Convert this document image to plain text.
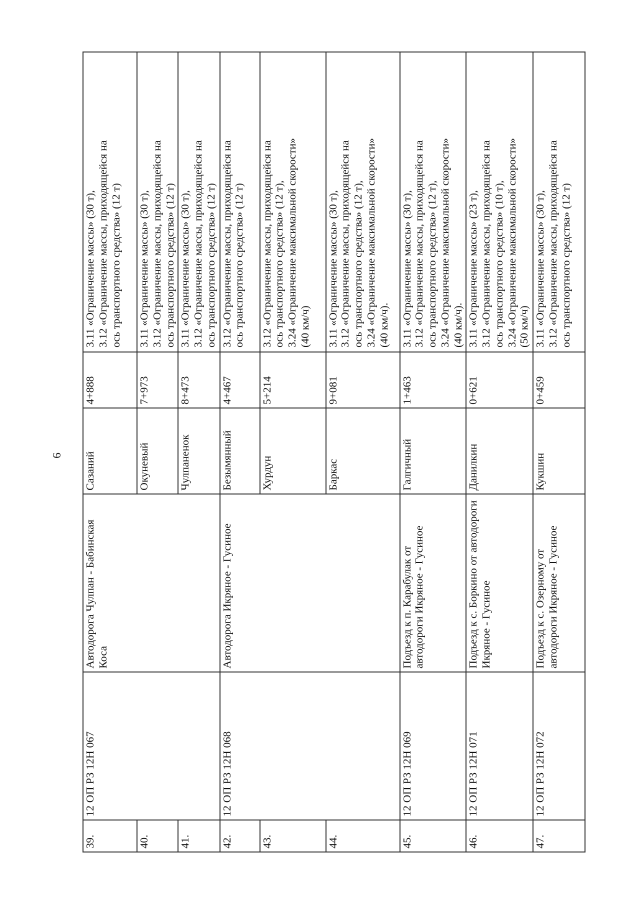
6
39.	12 ОП РЗ 12Н 067	Автодорога Чулпан - Бабинская Коса	Сазаний	4+888	3.11 «Ограничение массы» (30 т), 3.12 «Ограничение массы, приходящейся на ось транспортного средства» (12 т)

40.			Окуневый	7+973	3.11 «Ограничение массы» (30 т), 3.12 «Ограничение массы, приходящейся на ось транспортного средства» (12 т)

41.			Чулпаненок	8+473	3.11 «Ограничение массы» (30 т), 3.12 «Ограничение массы, приходящейся на ось транспортного средства» (12 т)

42.	12 ОП РЗ 12Н 068	Автодорога Икряное - Гусиное	Безымянный	4+467	3.12 «Ограничение массы, приходящейся на ось транспортного средства» (12 т)

43.			Хурдун	5+214	3.12 «Ограничение массы, приходящейся на ось транспортного средства» (12 т), 3.24 «Ограничение максимальной скорости» (40 км/ч)

44.			Баркас	9+081	3.11 «Ограничение массы» (30 т), 3.12 «Ограничение массы, приходящейся на ось транспортного средства» (12 т), 3.24 «Ограничение максимальной скорости» (40 км/ч).

45.	12 ОП РЗ 12Н 069	Подъезд к п. Карабулак от автодороги Икряное - Гусиное	Галгичный	1+463	3.11 «Ограничение массы» (30 т), 3.12 «Ограничение массы, приходящейся на ось транспортного средства» (12 т), 3.24 «Ограничение максимальной скорости» (40 км/ч).

46.	12 ОП РЗ 12Н 071	Подъезд к с. Боркино от автодороги Икряное - Гусиное	Данилкин	0+621	3.11 «Ограничение массы» (23 т), 3.12 «Ограничение массы, приходящейся на ось транспортного средства» (10 т), 3.24 «Ограничение максимальной скорости» (50 км/ч)

47.	12 ОП РЗ 12Н 072	Подъезд к с. Озерному от автодороги Икряное - Гусиное	Кукшин	0+459	3.11 «Ограничение массы» (30 т), 3.12 «Ограничение массы, приходящейся на ось транспортного средства» (12 т)
